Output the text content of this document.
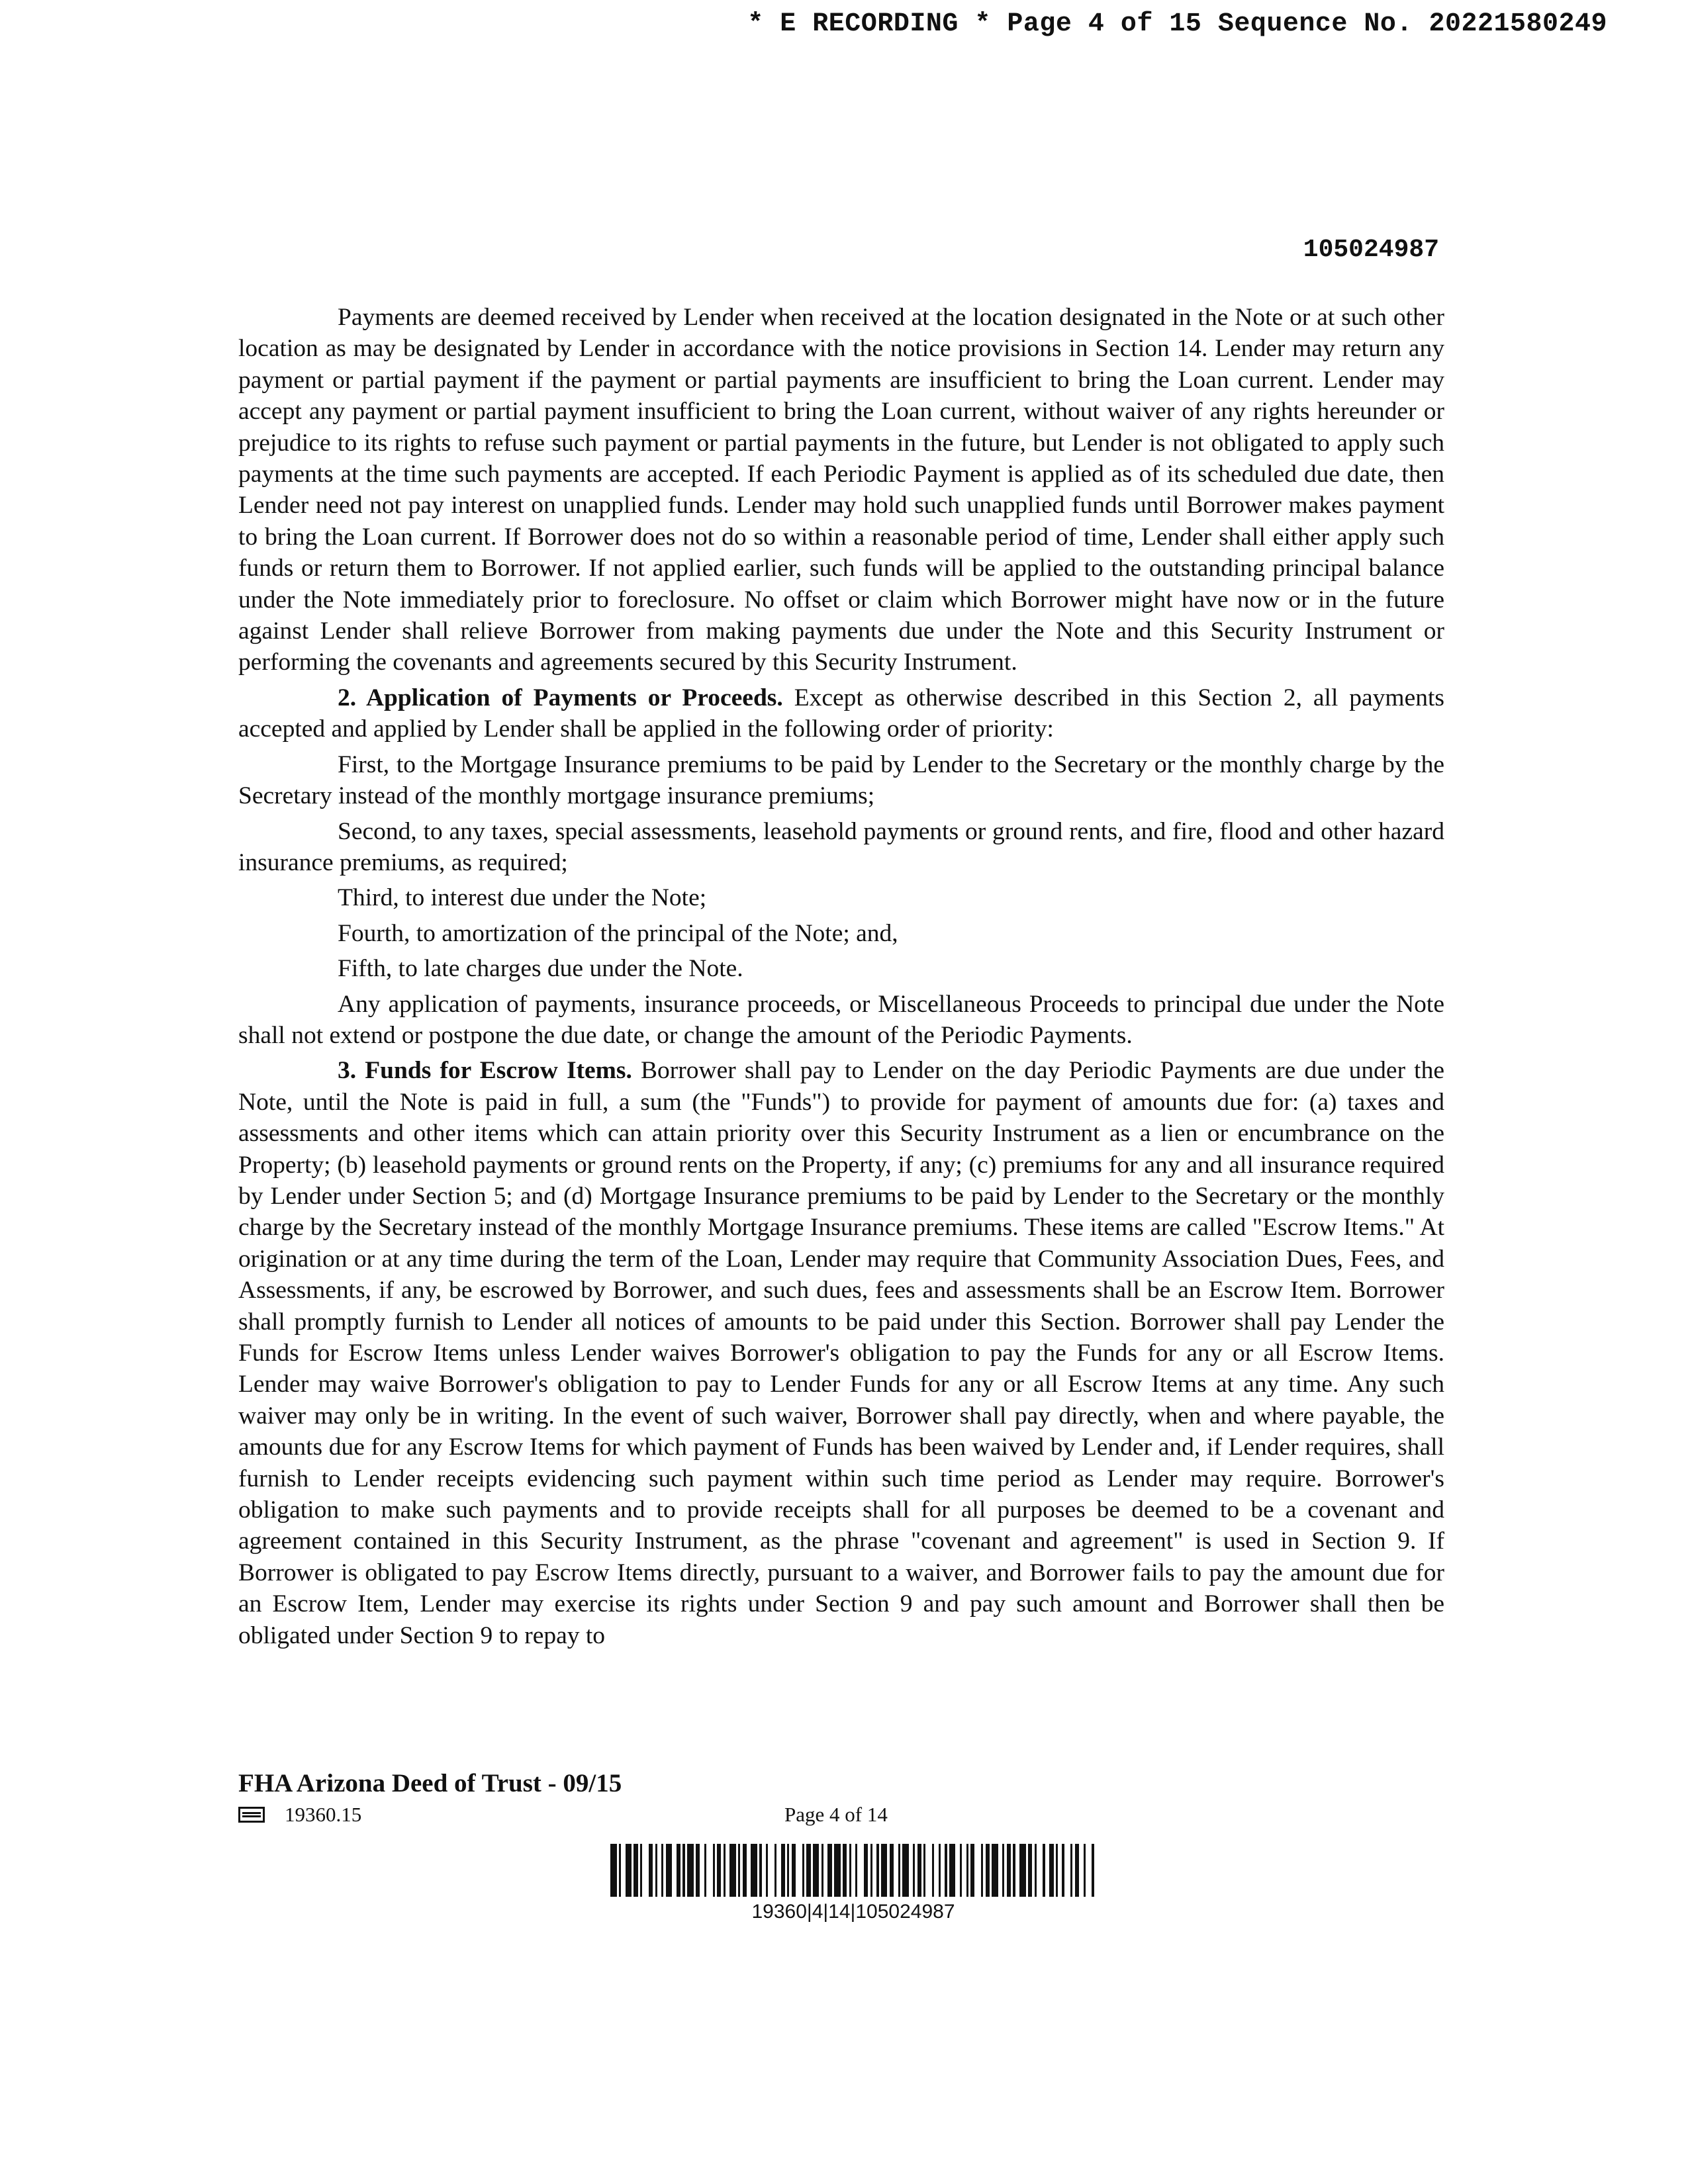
* E RECORDING * Page 4 of 15 Sequence No. 20221580249
105024987

Payments are deemed received by Lender when received at the location designated in the Note or at such other location as may be designated by Lender in accordance with the notice provisions in Section 14. Lender may return any payment or partial payment if the payment or partial payments are insufficient to bring the Loan current. Lender may accept any payment or partial payment insufficient to bring the Loan current, without waiver of any rights hereunder or prejudice to its rights to refuse such payment or partial payments in the future, but Lender is not obligated to apply such payments at the time such payments are accepted. If each Periodic Payment is applied as of its scheduled due date, then Lender need not pay interest on unapplied funds. Lender may hold such unapplied funds until Borrower makes payment to bring the Loan current. If Borrower does not do so within a reasonable period of time, Lender shall either apply such funds or return them to Borrower. If not applied earlier, such funds will be applied to the outstanding principal balance under the Note immediately prior to foreclosure. No offset or claim which Borrower might have now or in the future against Lender shall relieve Borrower from making payments due under the Note and this Security Instrument or performing the covenants and agreements secured by this Security Instrument.

2. Application of Payments or Proceeds. Except as otherwise described in this Section 2, all payments accepted and applied by Lender shall be applied in the following order of priority:

First, to the Mortgage Insurance premiums to be paid by Lender to the Secretary or the monthly charge by the Secretary instead of the monthly mortgage insurance premiums;

Second, to any taxes, special assessments, leasehold payments or ground rents, and fire, flood and other hazard insurance premiums, as required;

Third, to interest due under the Note;

Fourth, to amortization of the principal of the Note; and,

Fifth, to late charges due under the Note.

Any application of payments, insurance proceeds, or Miscellaneous Proceeds to principal due under the Note shall not extend or postpone the due date, or change the amount of the Periodic Payments.

3. Funds for Escrow Items. Borrower shall pay to Lender on the day Periodic Payments are due under the Note, until the Note is paid in full, a sum (the "Funds") to provide for payment of amounts due for: (a) taxes and assessments and other items which can attain priority over this Security Instrument as a lien or encumbrance on the Property; (b) leasehold payments or ground rents on the Property, if any; (c) premiums for any and all insurance required by Lender under Section 5; and (d) Mortgage Insurance premiums to be paid by Lender to the Secretary or the monthly charge by the Secretary instead of the monthly Mortgage Insurance premiums. These items are called "Escrow Items." At origination or at any time during the term of the Loan, Lender may require that Community Association Dues, Fees, and Assessments, if any, be escrowed by Borrower, and such dues, fees and assessments shall be an Escrow Item. Borrower shall promptly furnish to Lender all notices of amounts to be paid under this Section. Borrower shall pay Lender the Funds for Escrow Items unless Lender waives Borrower's obligation to pay the Funds for any or all Escrow Items. Lender may waive Borrower's obligation to pay to Lender Funds for any or all Escrow Items at any time. Any such waiver may only be in writing. In the event of such waiver, Borrower shall pay directly, when and where payable, the amounts due for any Escrow Items for which payment of Funds has been waived by Lender and, if Lender requires, shall furnish to Lender receipts evidencing such payment within such time period as Lender may require. Borrower's obligation to make such payments and to provide receipts shall for all purposes be deemed to be a covenant and agreement contained in this Security Instrument, as the phrase "covenant and agreement" is used in Section 9. If Borrower is obligated to pay Escrow Items directly, pursuant to a waiver, and Borrower fails to pay the amount due for an Escrow Item, Lender may exercise its rights under Section 9 and pay such amount and Borrower shall then be obligated under Section 9 to repay to

FHA Arizona Deed of Trust - 09/15
19360.15	Page 4 of 14
19360|4|14|105024987
